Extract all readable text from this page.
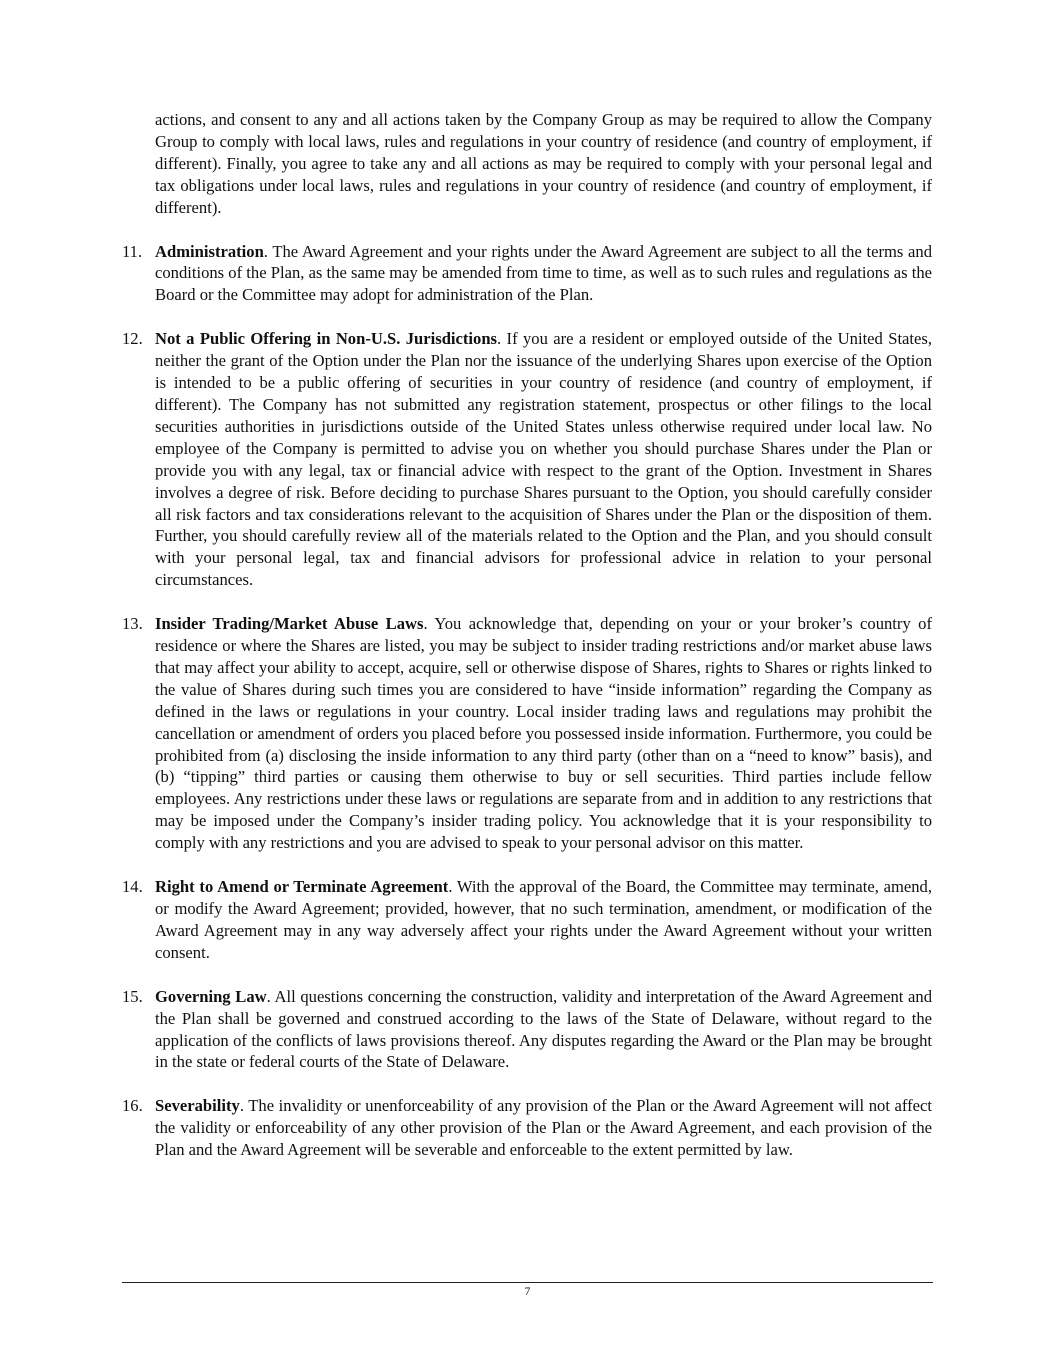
actions, and consent to any and all actions taken by the Company Group as may be required to allow the Company Group to comply with local laws, rules and regulations in your country of residence (and country of employment, if different). Finally, you agree to take any and all actions as may be required to comply with your personal legal and tax obligations under local laws, rules and regulations in your country of residence (and country of employment, if different).

11. Administration. The Award Agreement and your rights under the Award Agreement are subject to all the terms and conditions of the Plan, as the same may be amended from time to time, as well as to such rules and regulations as the Board or the Committee may adopt for administration of the Plan.
12. Not a Public Offering in Non-U.S. Jurisdictions. If you are a resident or employed outside of the United States, neither the grant of the Option under the Plan nor the issuance of the underlying Shares upon exercise of the Option is intended to be a public offering of securities in your country of residence (and country of employment, if different). The Company has not submitted any registration statement, prospectus or other filings to the local securities authorities in jurisdictions outside of the United States unless otherwise required under local law. No employee of the Company is permitted to advise you on whether you should purchase Shares under the Plan or provide you with any legal, tax or financial advice with respect to the grant of the Option. Investment in Shares involves a degree of risk. Before deciding to purchase Shares pursuant to the Option, you should carefully consider all risk factors and tax considerations relevant to the acquisition of Shares under the Plan or the disposition of them. Further, you should carefully review all of the materials related to the Option and the Plan, and you should consult with your personal legal, tax and financial advisors for professional advice in relation to your personal circumstances.
13. Insider Trading/Market Abuse Laws. You acknowledge that, depending on your or your broker’s country of residence or where the Shares are listed, you may be subject to insider trading restrictions and/or market abuse laws that may affect your ability to accept, acquire, sell or otherwise dispose of Shares, rights to Shares or rights linked to the value of Shares during such times you are considered to have “inside information” regarding the Company as defined in the laws or regulations in your country. Local insider trading laws and regulations may prohibit the cancellation or amendment of orders you placed before you possessed inside information. Furthermore, you could be prohibited from (a) disclosing the inside information to any third party (other than on a “need to know” basis), and (b) “tipping” third parties or causing them otherwise to buy or sell securities. Third parties include fellow employees. Any restrictions under these laws or regulations are separate from and in addition to any restrictions that may be imposed under the Company’s insider trading policy. You acknowledge that it is your responsibility to comply with any restrictions and you are advised to speak to your personal advisor on this matter.
14. Right to Amend or Terminate Agreement. With the approval of the Board, the Committee may terminate, amend, or modify the Award Agreement; provided, however, that no such termination, amendment, or modification of the Award Agreement may in any way adversely affect your rights under the Award Agreement without your written consent.
15. Governing Law. All questions concerning the construction, validity and interpretation of the Award Agreement and the Plan shall be governed and construed according to the laws of the State of Delaware, without regard to the application of the conflicts of laws provisions thereof. Any disputes regarding the Award or the Plan may be brought in the state or federal courts of the State of Delaware.
16. Severability. The invalidity or unenforceability of any provision of the Plan or the Award Agreement will not affect the validity or enforceability of any other provision of the Plan or the Award Agreement, and each provision of the Plan and the Award Agreement will be severable and enforceable to the extent permitted by law.
7
